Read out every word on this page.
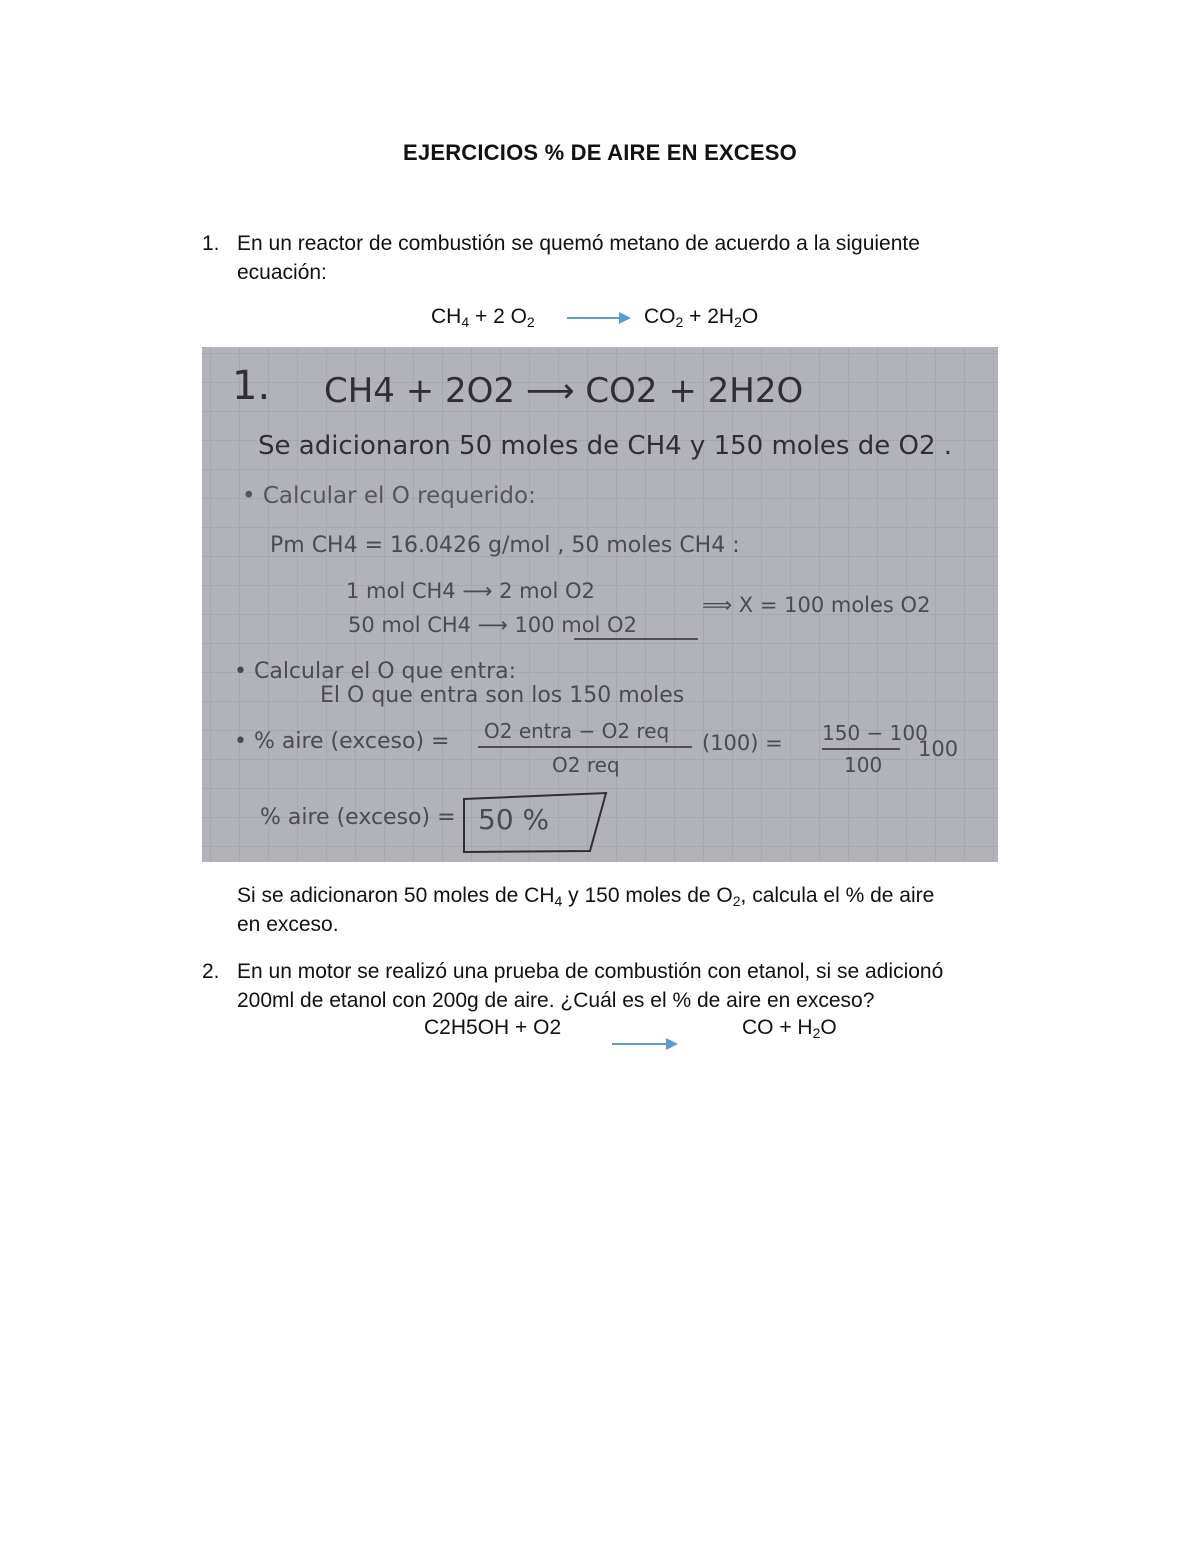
EJERCICIOS % DE AIRE EN EXCESO
1. En un reactor de combustión se quemó metano de acuerdo a la siguiente
ecuación:
$CH_4 + 2$ $O_2$	$CO_2 + 2H_2O$
1. CH4 + 2O2 ⟶ CO2 + 2H2O
Se adicionaron 50 moles de CH4 y 150 moles de O2 .
• Calcular el O requerido:
Pm CH4 = 16.0426 g/mol , 50 moles CH4 :
1 mol CH4 ⟶ 2 mol O2
⟹ X = 100 moles O2
50 mol CH4 ⟶ 100 mol O2
• Calcular el O que entra:
El O que entra son los 150 moles
• % aire (exceso) = O2 entra − O2 req
O2 req
(100) = 150 − 100
100
100
% aire (exceso) = 50 %
Si se adicionaron 50 moles de $CH_4$ y 150 moles de $O_2$, calcula el % de aire
en exceso.
2. En un motor se realizó una prueba de combustión con etanol, si se adicionó
200ml de etanol con 200g de aire. ¿Cuál es el % de aire en exceso?
C2H5OH + O2	CO + $H_2O$
